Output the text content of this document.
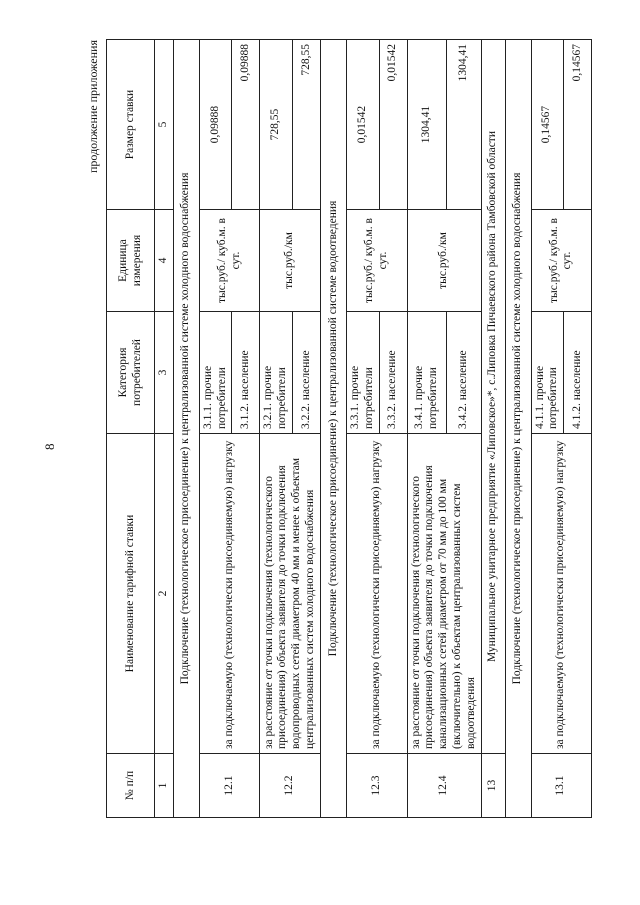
8
продолжение приложения
№ п/п	Наименование тарифной ставки	Категория потребителей	Единица измерения	Размер ставки
1	2	3	4	5
Подключение (технологическое присоединение) к централизованной системе холодного водоснабжения				
12.1	за подключаемую (технологически присоединяемую) нагрузку	3.1.1. прочие потребители	тыс.руб./ куб.м. в сут.	0,09888
		3.1.2. население		0,09888
12.2	за расстояние от точки подключения (технологического присоединения) объекта заявителя до точки подключения водопроводных сетей диаметром 40 мм и менее к объектам централизованных систем холодного водоснабжения	3.2.1. прочие потребители	тыс.руб./км	728,55
		3.2.2. население		728,55
Подключение (технологическое присоединение) к централизованной системе водоотведения				
12.3	за подключаемую (технологически присоединяемую) нагрузку	3.3.1. прочие потребители	тыс.руб./ куб.м. в сут.	0,01542
		3.3.2. население		0,01542
12.4	за расстояние от точки подключения (технологического присоединения) объекта заявителя до точки подключения канализационных сетей диаметром от 70 мм до 100 мм (включительно) к объектам централизованных систем водоотведения	3.4.1. прочие потребители	тыс.руб./км	1304,41
		3.4.2. население		1304,41
13	Муниципальное унитарное предприятие «Липовское»*, с.Липовка Пичаевского района Тамбовской области			
Подключение (технологическое присоединение) к централизованной системе холодного водоснабжения				
13.1	за подключаемую (технологически присоединяемую) нагрузку	4.1.1. прочие потребители	тыс.руб./ куб.м. в сут.	0,14567
		4.1.2. население		0,14567
